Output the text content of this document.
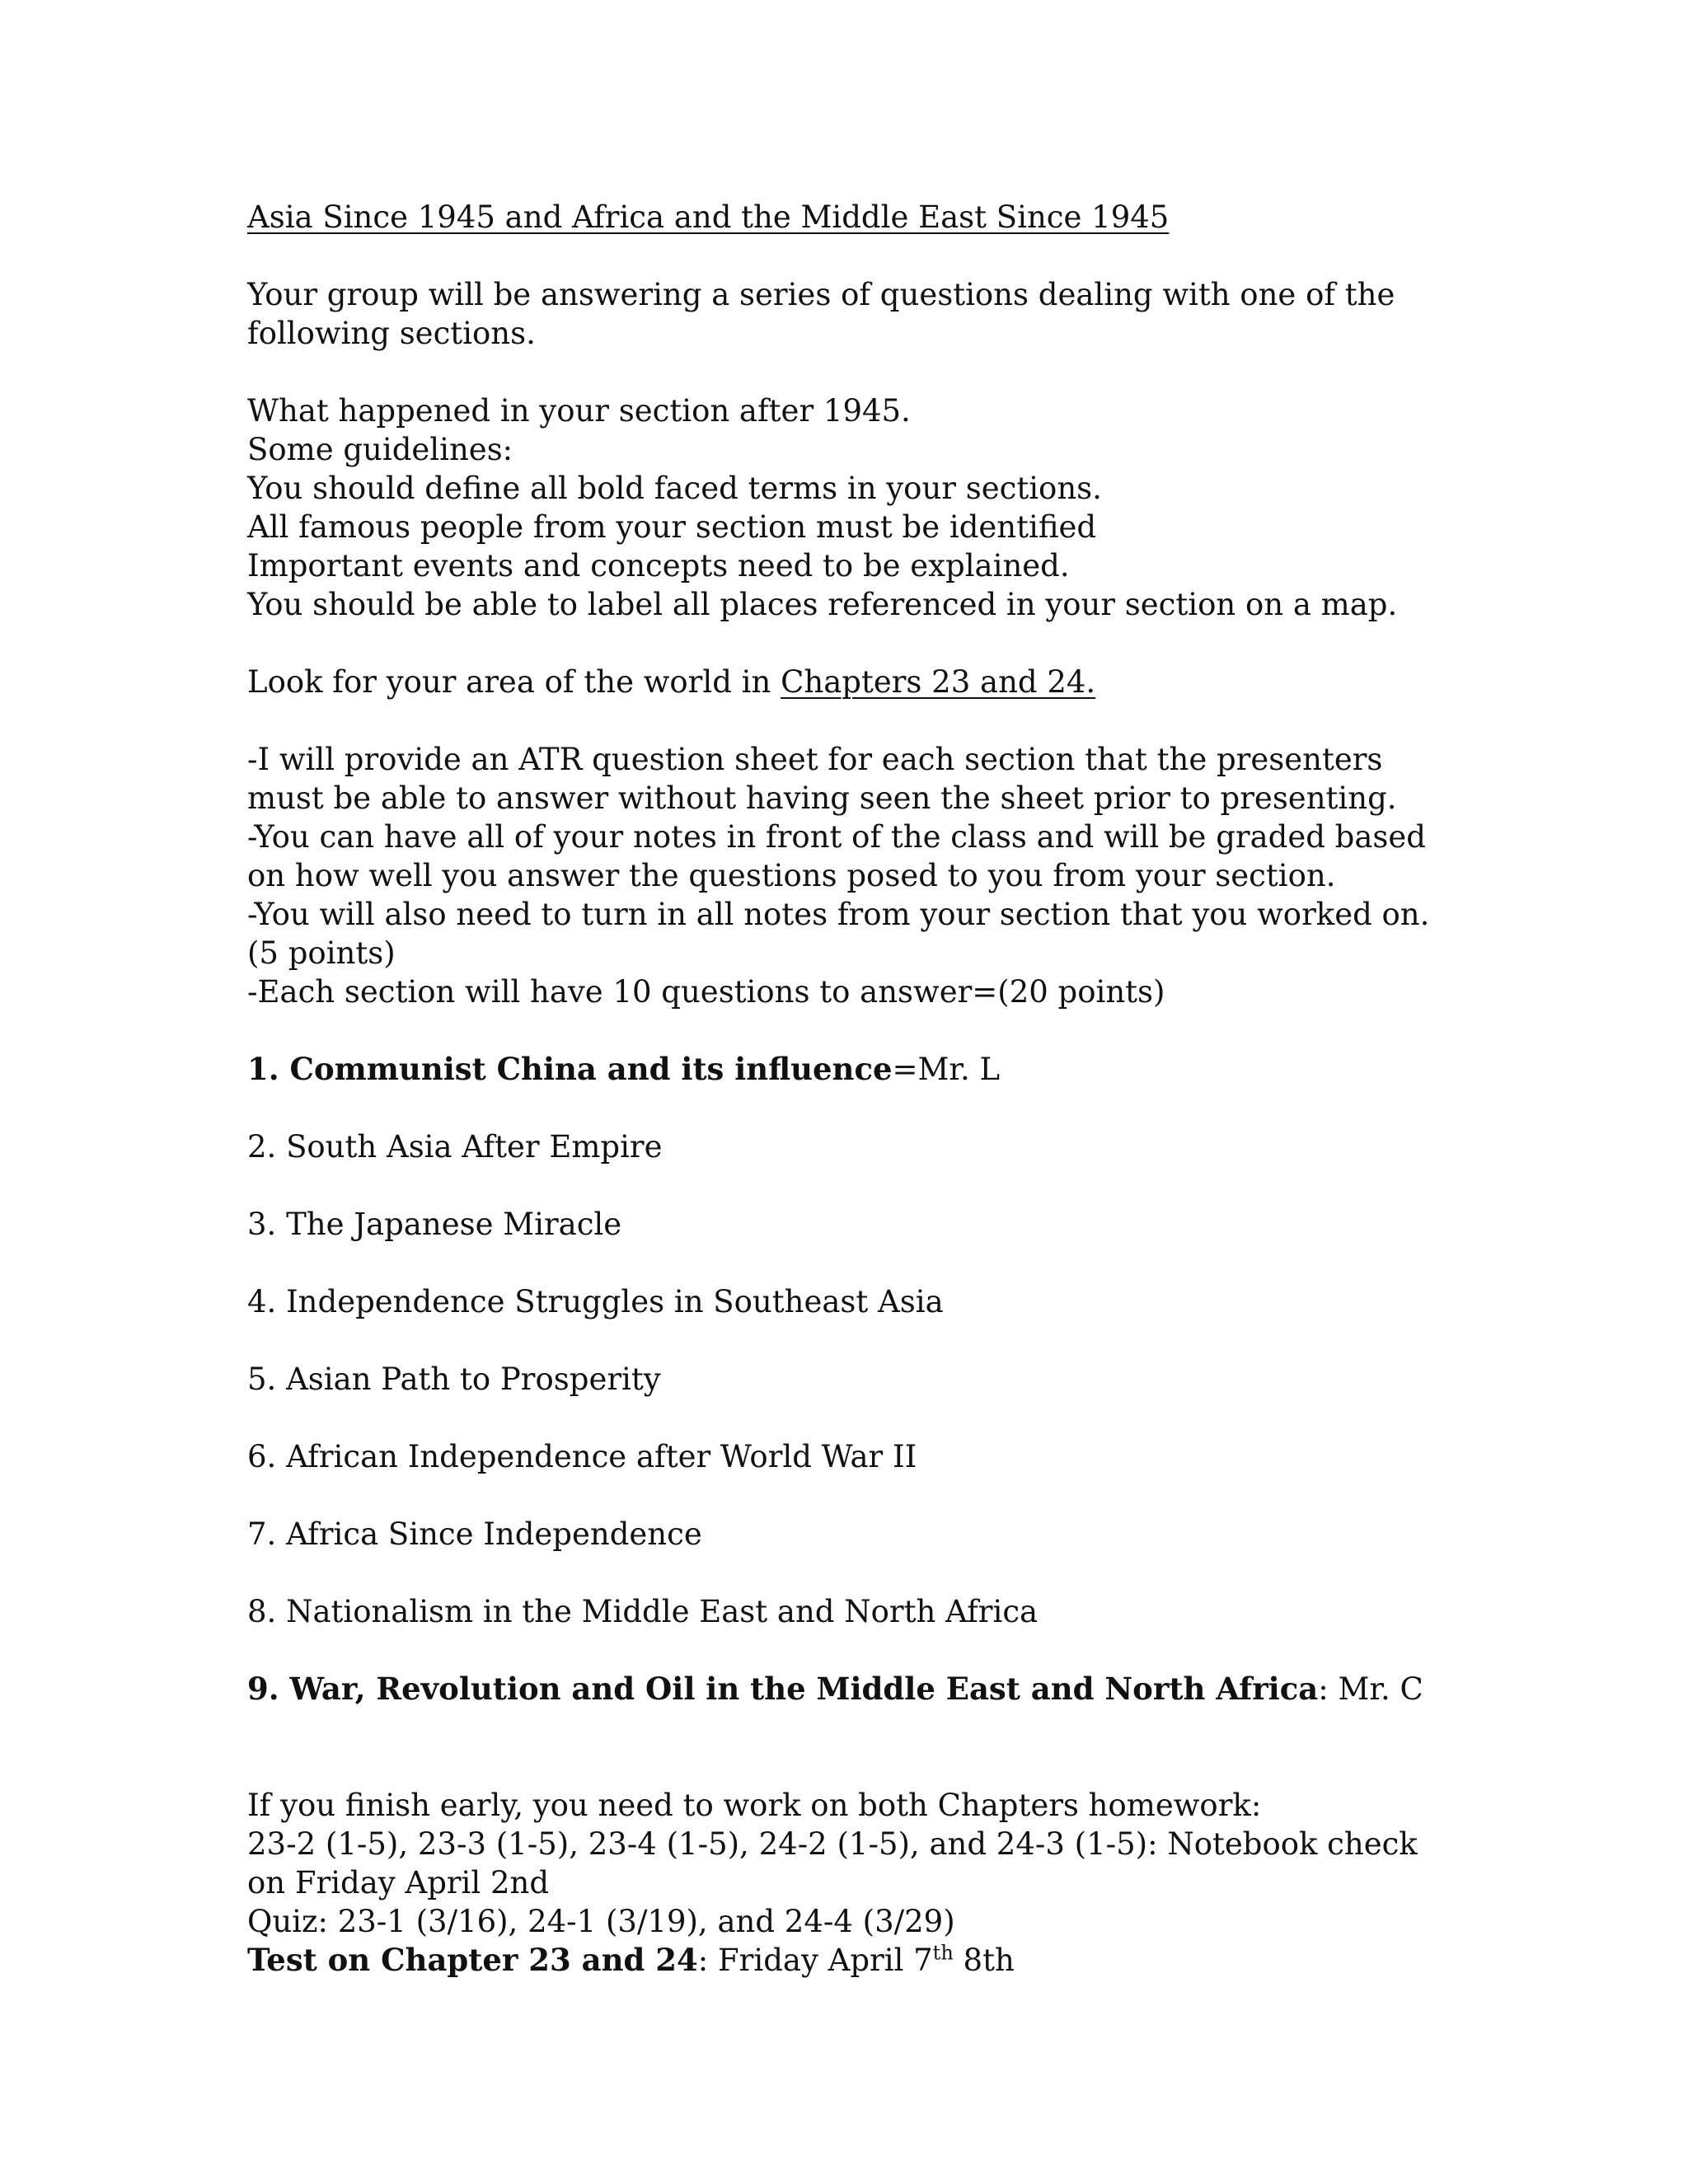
Asia Since 1945 and Africa and the Middle East Since 1945

Your group will be answering a series of questions dealing with one of the following sections.

What happened in your section after 1945.

Some guidelines:

You should define all bold faced terms in your sections.

All famous people from your section must be identified

Important events and concepts need to be explained.

You should be able to label all places referenced in your section on a map.

Look for your area of the world in Chapters 23 and 24.

-I will provide an ATR question sheet for each section that the presenters must be able to answer without having seen the sheet prior to presenting.

-You can have all of your notes in front of the class and will be graded based on how well you answer the questions posed to you from your section.

-You will also need to turn in all notes from your section that you worked on. (5 points)

-Each section will have 10 questions to answer=(20 points)

1. Communist China and its influence=Mr. L

2. South Asia After Empire

3. The Japanese Miracle

4. Independence Struggles in Southeast Asia

5. Asian Path to Prosperity

6. African Independence after World War II

7. Africa Since Independence

8. Nationalism in the Middle East and North Africa

9. War, Revolution and Oil in the Middle East and North Africa: Mr. C

If you finish early, you need to work on both Chapters homework:

23-2 (1-5), 23-3 (1-5), 23-4 (1-5), 24-2 (1-5), and 24-3 (1-5): Notebook check on Friday April 2nd

Quiz: 23-1 (3/16), 24-1 (3/19), and 24-4 (3/29)

Test on Chapter 23 and 24: Friday April 7th 8th
